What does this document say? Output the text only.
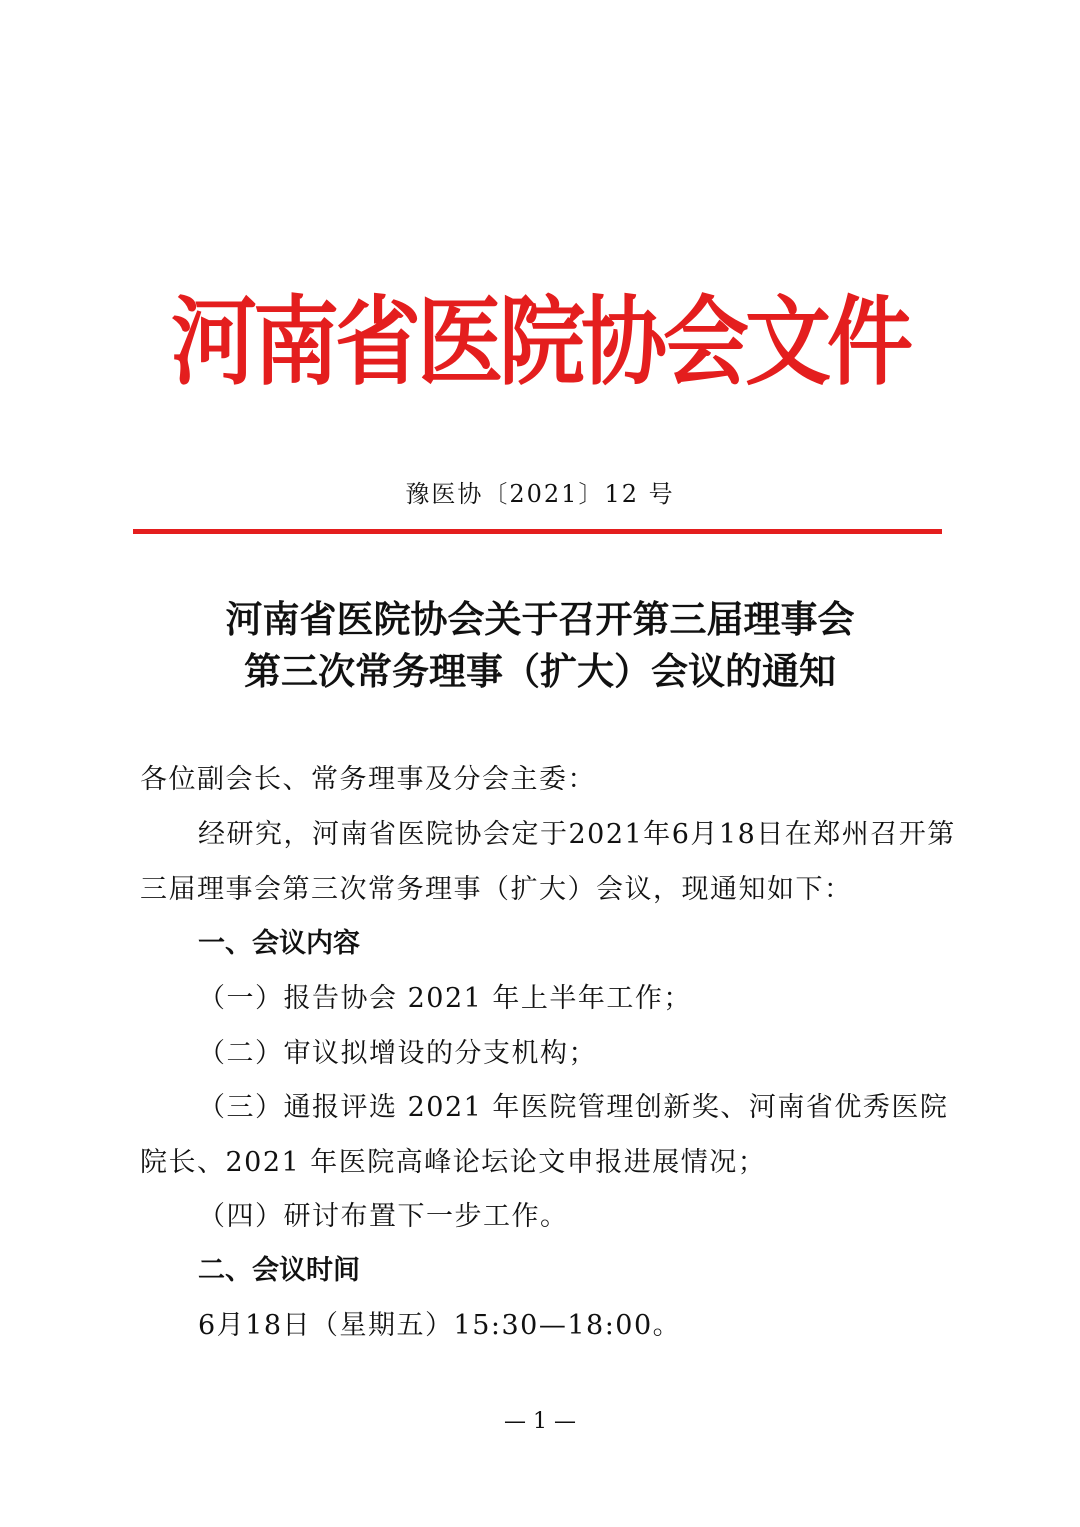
河南省医院协会文件
豫医协〔2021〕12 号
河南省医院协会关于召开第三届理事会
第三次常务理事（扩大）会议的通知
各位副会长、常务理事及分会主委：
经研究，河南省医院协会定于2021年6月18日在郑州召开第
三届理事会第三次常务理事（扩大）会议，现通知如下：
一、会议内容
（一）报告协会 2021 年上半年工作；
（二）审议拟增设的分支机构；
（三）通报评选 2021 年医院管理创新奖、河南省优秀医院
院长、2021 年医院高峰论坛论文申报进展情况；
（四）研讨布置下一步工作。
二、会议时间
6月18日（星期五）15:30—18:00。
— 1 —
